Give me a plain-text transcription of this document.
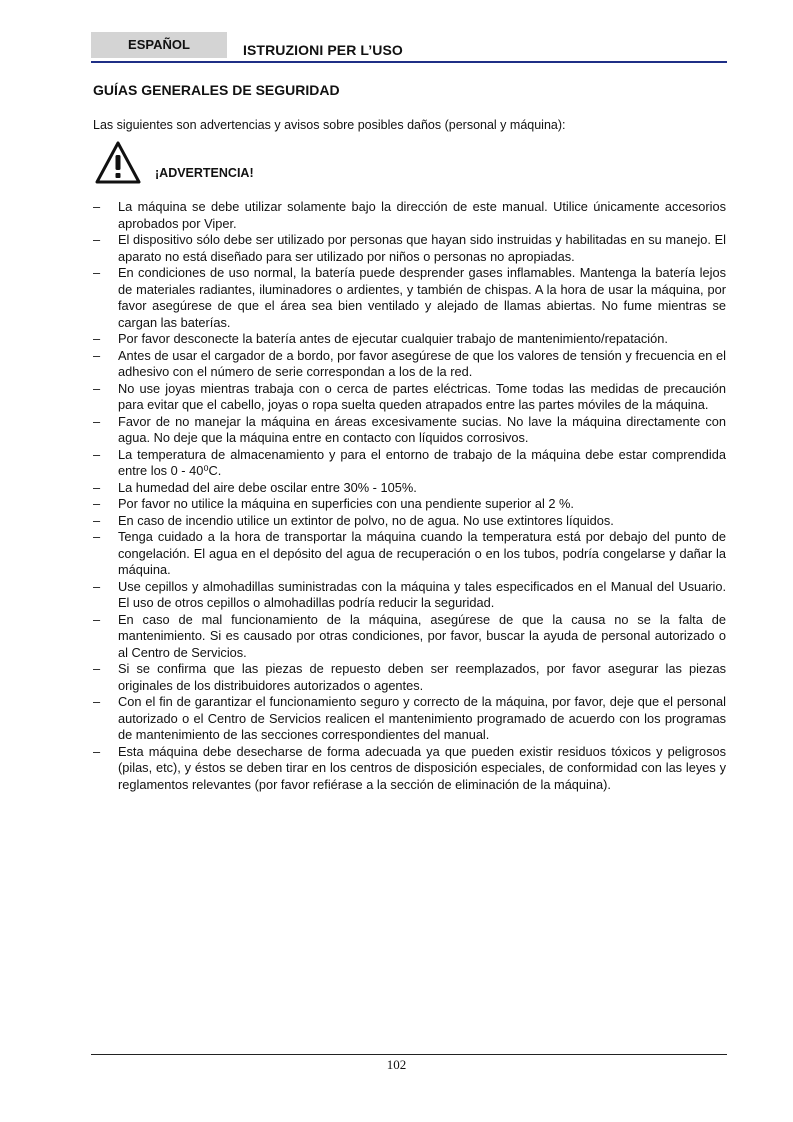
ESPAÑOL	ISTRUZIONI PER L’USO
GUÍAS GENERALES DE SEGURIDAD
Las siguientes son advertencias y avisos sobre posibles daños (personal y máquina):
¡ADVERTENCIA!
– La máquina se debe utilizar solamente bajo la dirección de este manual. Utilice únicamente accesorios aprobados por Viper.
– El dispositivo sólo debe ser utilizado por personas que hayan sido instruidas y habilitadas en su manejo. El aparato no está diseñado para ser utilizado por niños o personas no apropiadas.
– En condiciones de uso normal, la batería puede desprender gases inflamables. Mantenga la batería lejos de materiales radiantes, iluminadores o ardientes, y también de chispas. A la hora de usar la máquina, por favor asegúrese de que el área sea bien ventilado y alejado de llamas abiertas. No fume mientras se cargan las baterías.
– Por favor desconecte la batería antes de ejecutar cualquier trabajo de mantenimiento/repatación.
– Antes de usar el cargador de a bordo, por favor asegúrese de que los valores de tensión y frecuencia en el adhesivo con el número de serie correspondan a los de la red.
– No use joyas mientras trabaja con o cerca de partes eléctricas. Tome todas las medidas de precaución para evitar que el cabello, joyas o ropa suelta queden atrapados entre las partes móviles de la máquina.
– Favor de no manejar la máquina en áreas excesivamente sucias. No lave la máquina directamente con agua. No deje que la máquina entre en contacto con líquidos corrosivos.
– La temperatura de almacenamiento y para el entorno de trabajo de la máquina debe estar comprendida entre los 0 - 40⁰C.
– La humedad del aire debe oscilar entre 30% - 105%.
– Por favor no utilice la máquina en superficies con una pendiente superior al 2 %.
– En caso de incendio utilice un extintor de polvo, no de agua. No use extintores líquidos.
– Tenga cuidado a la hora de transportar la máquina cuando la temperatura está por debajo del punto de congelación. El agua en el depósito del agua de recuperación o en los tubos, podría congelarse y dañar la máquina.
– Use cepillos y almohadillas suministradas con la máquina y tales especificados en el Manual del Usuario. El uso de otros cepillos o almohadillas podría reducir la seguridad.
– En caso de mal funcionamiento de la máquina, asegúrese de que la causa no se la falta de mantenimiento. Si es causado por otras condiciones, por favor, buscar la ayuda de personal autorizado o al Centro de Servicios.
– Si se confirma que las piezas de repuesto deben ser reemplazados, por favor asegurar las piezas originales de los distribuidores autorizados o agentes.
– Con el fin de garantizar el funcionamiento seguro y correcto de la máquina, por favor, deje que el personal autorizado o el Centro de Servicios realicen el mantenimiento programado de acuerdo con los programas de mantenimiento de las secciones correspondientes del manual.
– Esta máquina debe desecharse de forma adecuada ya que pueden existir residuos tóxicos y peligrosos (pilas, etc), y éstos se deben tirar en los centros de disposición especiales, de conformidad con las leyes y reglamentos relevantes (por favor refiérase a la sección de eliminación de la máquina).
102
